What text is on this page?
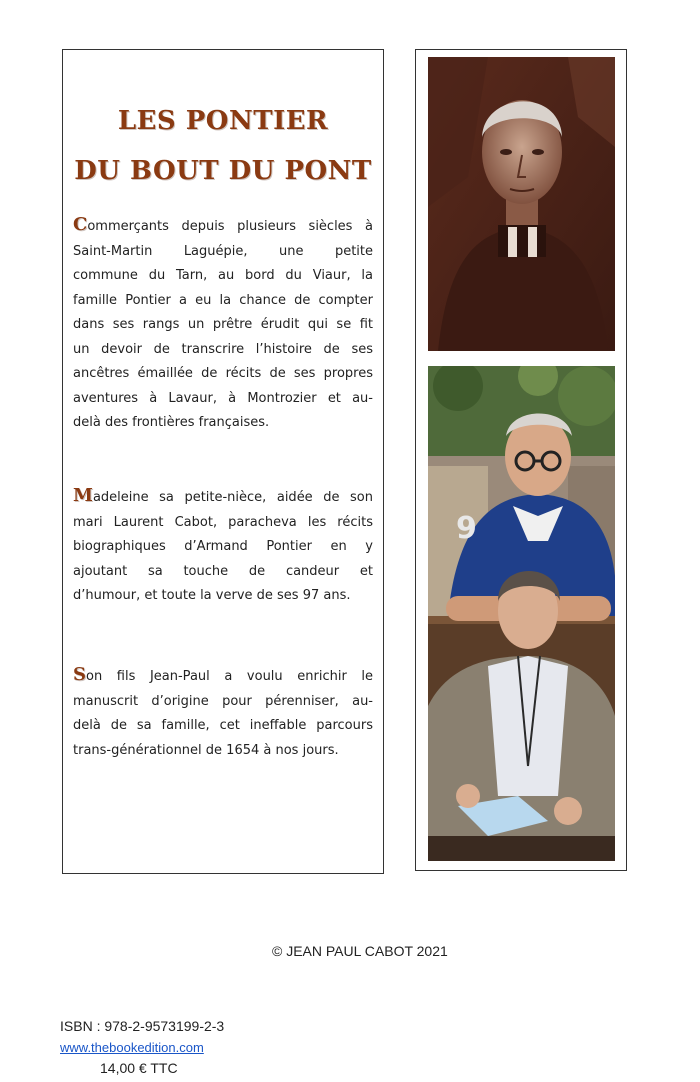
LES PONTIER
DU BOUT DU PONT
Commerçants depuis plusieurs siècles à
Saint-Martin Laguépie, une petite
commune du Tarn, au bord du Viaur, la
famille Pontier a eu la chance de compter
dans ses rangs un prêtre érudit qui se fit
un devoir de transcrire l’histoire de ses
ancêtres émaillée de récits de ses propres
aventures à Lavaur, à Montrozier et au-
delà des frontières françaises.
Madeleine sa petite-nièce, aidée de son
mari Laurent Cabot, paracheva les récits
biographiques d’Armand Pontier en y
ajoutant sa touche de candeur et
d’humour, et toute la verve de ses 97 ans.
Son fils Jean-Paul a voulu enrichir le
manuscrit d’origine pour pérenniser, au-
delà de sa famille, cet ineffable parcours
trans-générationnel de 1654 à nos jours.
9
© JEAN PAUL CABOT 2021
ISBN : 978-2-9573199-2-3
www.thebookedition.com
14,00 € TTC
